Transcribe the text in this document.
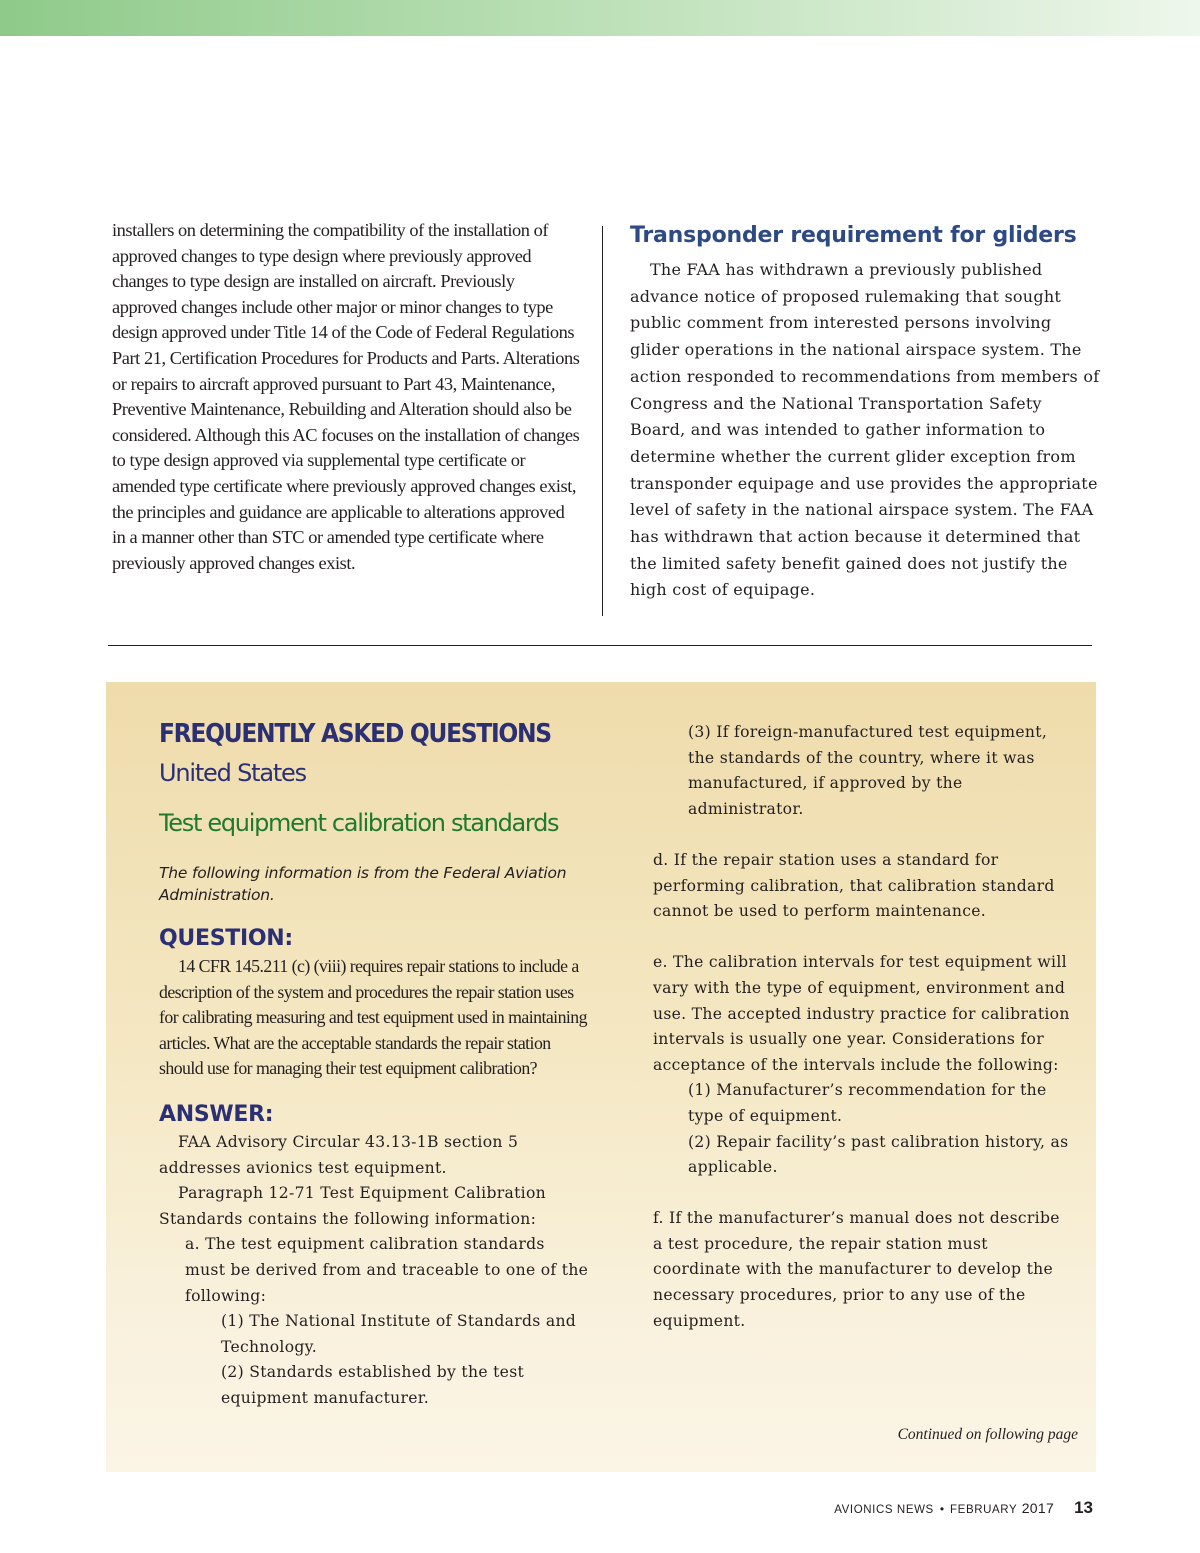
installers on determining the compatibility of the installation of approved changes to type design where previously approved changes to type design are installed on aircraft. Previously approved changes include other major or minor changes to type design approved under Title 14 of the Code of Federal Regulations Part 21, Certification Procedures for Products and Parts. Alterations or repairs to aircraft approved pursuant to Part 43, Maintenance, Preventive Maintenance, Rebuilding and Alteration should also be considered. Although this AC focuses on the installation of changes to type design approved via supplemental type certificate or amended type certificate where previously approved changes exist, the principles and guidance are applicable to alterations approved in a manner other than STC or amended type certificate where previously approved changes exist.
Transponder requirement for gliders

The FAA has withdrawn a previously published advance notice of proposed rulemaking that sought public comment from interested persons involving glider operations in the national airspace system. The action responded to recommendations from members of Congress and the National Transportation Safety Board, and was intended to gather information to determine whether the current glider exception from transponder equipage and use provides the appropriate level of safety in the national airspace system. The FAA has withdrawn that action because it determined that the limited safety benefit gained does not justify the high cost of equipage.

FREQUENTLY ASKED QUESTIONS
United States
Test equipment calibration standards

The following information is from the Federal Aviation Administration.

QUESTION:

14 CFR 145.211 (c) (viii) requires repair stations to include a description of the system and procedures the repair station uses for calibrating measuring and test equipment used in maintaining articles. What are the acceptable standards the repair station should use for managing their test equipment calibration?

ANSWER:

FAA Advisory Circular 43.13-1B section 5 addresses avionics test equipment.

Paragraph 12-71 Test Equipment Calibration Standards contains the following information:

a. The test equipment calibration standards must be derived from and traceable to one of the following:

(1) The National Institute of Standards and Technology.

(2) Standards established by the test equipment manufacturer.

(3) If foreign-manufactured test equipment, the standards of the country, where it was manufactured, if approved by the administrator.

d. If the repair station uses a standard for performing calibration, that calibration standard cannot be used to perform maintenance.

e. The calibration intervals for test equipment will vary with the type of equipment, environment and use. The accepted industry practice for calibration intervals is usually one year. Considerations for acceptance of the intervals include the following:

(1) Manufacturer’s recommendation for the type of equipment.

(2) Repair facility’s past calibration history, as applicable.

f. If the manufacturer’s manual does not describe a test procedure, the repair station must coordinate with the manufacturer to develop the necessary procedures, prior to any use of the equipment.

Continued on following page
AVIONICS NEWS • FEBRUARY 2017 13
